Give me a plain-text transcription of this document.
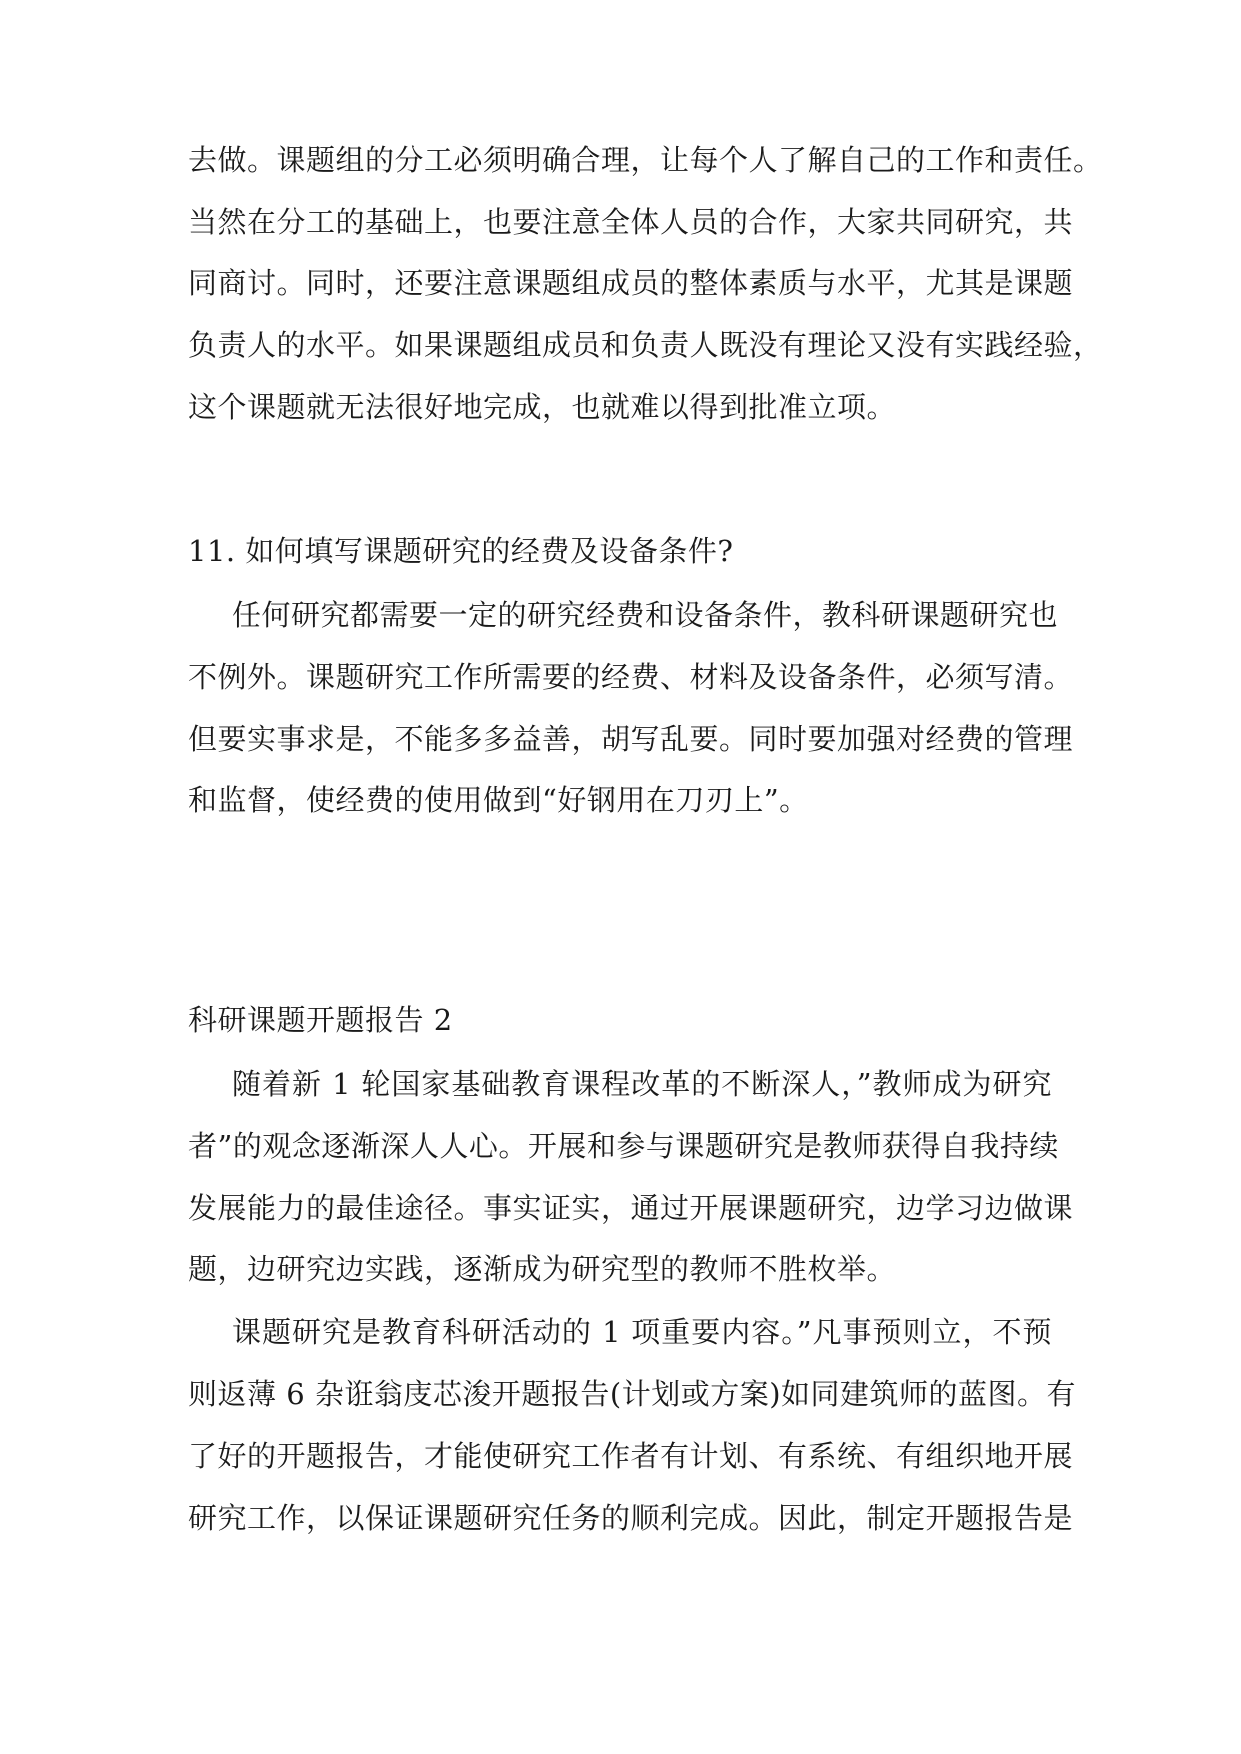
去做。课题组的分工必须明确合理，让每个人了解自己的工作和责任。
当然在分工的基础上，也要注意全体人员的合作，大家共同研究，共
同商讨。同时，还要注意课题组成员的整体素质与水平，尤其是课题
负责人的水平。如果课题组成员和负责人既没有理论又没有实践经验，
这个课题就无法很好地完成，也就难以得到批准立项。
11. 如何填写课题研究的经费及设备条件?
任何研究都需要一定的研究经费和设备条件，教科研课题研究也
不例外。课题研究工作所需要的经费、材料及设备条件，必须写清。
但要实事求是，不能多多益善，胡写乱要。同时要加强对经费的管理
和监督，使经费的使用做到“好钢用在刀刃上”。
科研课题开题报告 2
随着新 1 轮国家基础教育课程改革的不断深人，”教师成为研究
者”的观念逐渐深人人心。开展和参与课题研究是教师获得自我持续
发展能力的最佳途径。事实证实，通过开展课题研究，边学习边做课
题，边研究边实践，逐渐成为研究型的教师不胜枚举。
课题研究是教育科研活动的 1 项重要内容。”凡事预则立，不预
则返薄 6 杂诳翁庋芯浚开题报告(计划或方案)如同建筑师的蓝图。有
了好的开题报告，才能使研究工作者有计划、有系统、有组织地开展
研究工作，以保证课题研究任务的顺利完成。因此，制定开题报告是
